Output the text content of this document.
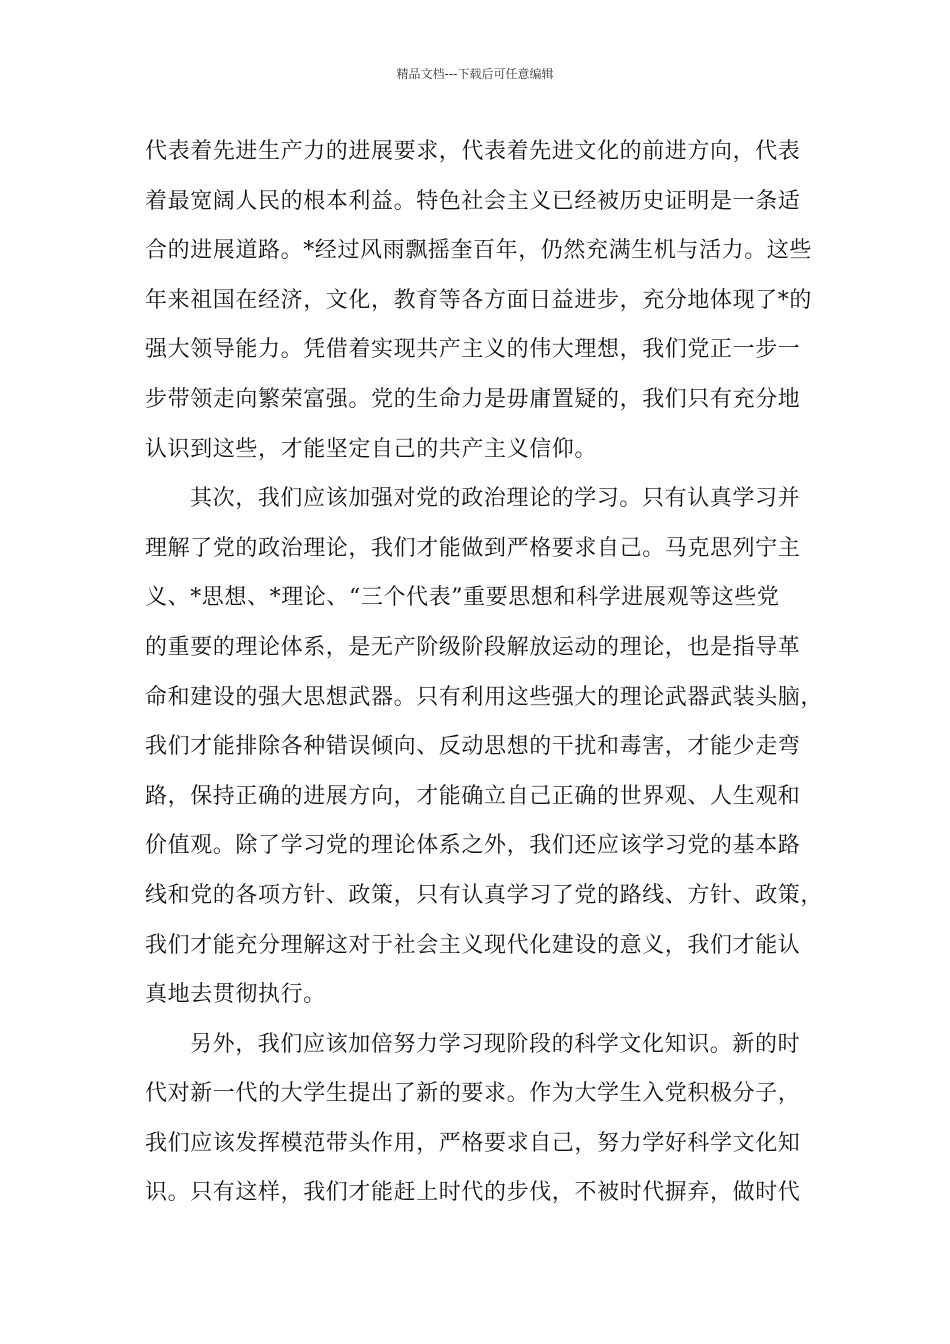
精品文档---下载后可任意编辑
代表着先进生产力的进展要求，代表着先进文化的前进方向，代表
着最宽阔人民的根本利益。特色社会主义已经被历史证明是一条适
合的进展道路。*经过风雨飘摇奎百年，仍然充满生机与活力。这些
年来祖国在经济，文化，教育等各方面日益进步，充分地体现了*的
强大领导能力。凭借着实现共产主义的伟大理想，我们党正一步一
步带领走向繁荣富强。党的生命力是毋庸置疑的，我们只有充分地
认识到这些，才能坚定自己的共产主义信仰。
其次，我们应该加强对党的政治理论的学习。只有认真学习并
理解了党的政治理论，我们才能做到严格要求自己。马克思列宁主
义、*思想、*理论、“三个代表”重要思想和科学进展观等这些党
的重要的理论体系，是无产阶级阶段解放运动的理论，也是指导革
命和建设的强大思想武器。只有利用这些强大的理论武器武装头脑，
我们才能排除各种错误倾向、反动思想的干扰和毒害，才能少走弯
路，保持正确的进展方向，才能确立自己正确的世界观、人生观和
价值观。除了学习党的理论体系之外，我们还应该学习党的基本路
线和党的各项方针、政策，只有认真学习了党的路线、方针、政策，
我们才能充分理解这对于社会主义现代化建设的意义，我们才能认
真地去贯彻执行。
另外，我们应该加倍努力学习现阶段的科学文化知识。新的时
代对新一代的大学生提出了新的要求。作为大学生入党积极分子，
我们应该发挥模范带头作用，严格要求自己，努力学好科学文化知
识。只有这样，我们才能赶上时代的步伐，不被时代摒弃，做时代
